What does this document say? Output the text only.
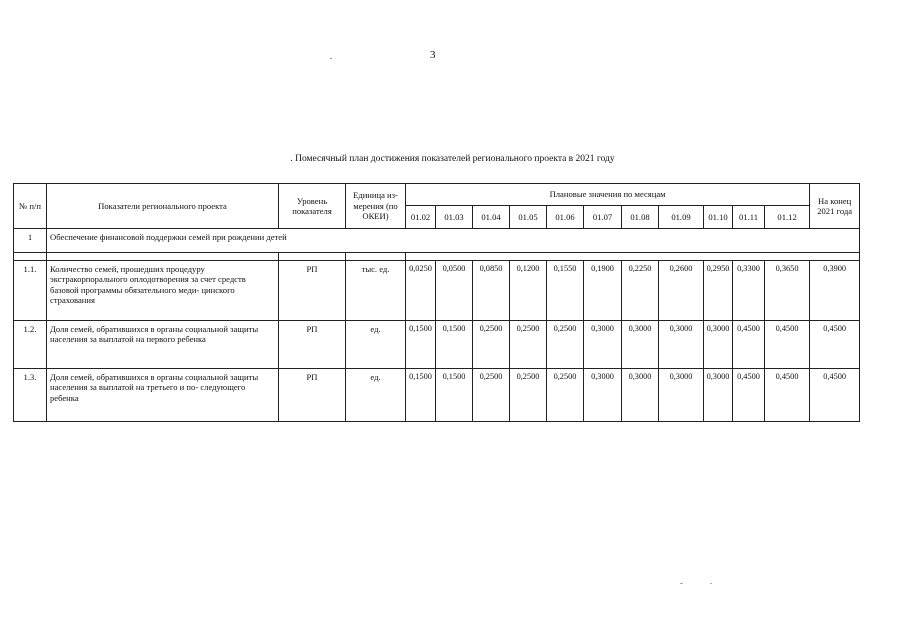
3
. Помесячный план достижения показателей регионального проекта в 2021 году
№ п/п	Показатели регионального проекта	Уровень показателя	Единица из- мерения (по ОКЕИ)	Плановые значения по месяцам											На конец 2021 года
				01.02	01.03	01.04	01.05	01.06	01.07	01.08	01.09	01.10	01.11	01.12	
1	Обеспечение финансовой поддержки семей при рождении детей														

1.1.	Количество семей, прошедших процедуру экстракорпорального оплодотворения за счет средств базовой программы обязательного меди- цинского страхования	РП	тыс. ед.	0,0250	0,0500	0,0850	0,1200	0,1550	0,1900	0,2250	0,2600	0,2950	0,3300	0,3650	0,3900
1.2.	Доля семей, обратившихся в органы социальной защиты населения за выплатой на первого ребенка	РП	ед.	0,1500	0,1500	0,2500	0,2500	0,2500	0,3000	0,3000	0,3000	0,3000	0,4500	0,4500	0,4500
1.3.	Доля семей, обратившихся в органы социальной защиты населения за выплатой на третьего и по- следующего ребенка	РП	ед.	0,1500	0,1500	0,2500	0,2500	0,2500	0,3000	0,3000	0,3000	0,3000	0,4500	0,4500	0,4500
